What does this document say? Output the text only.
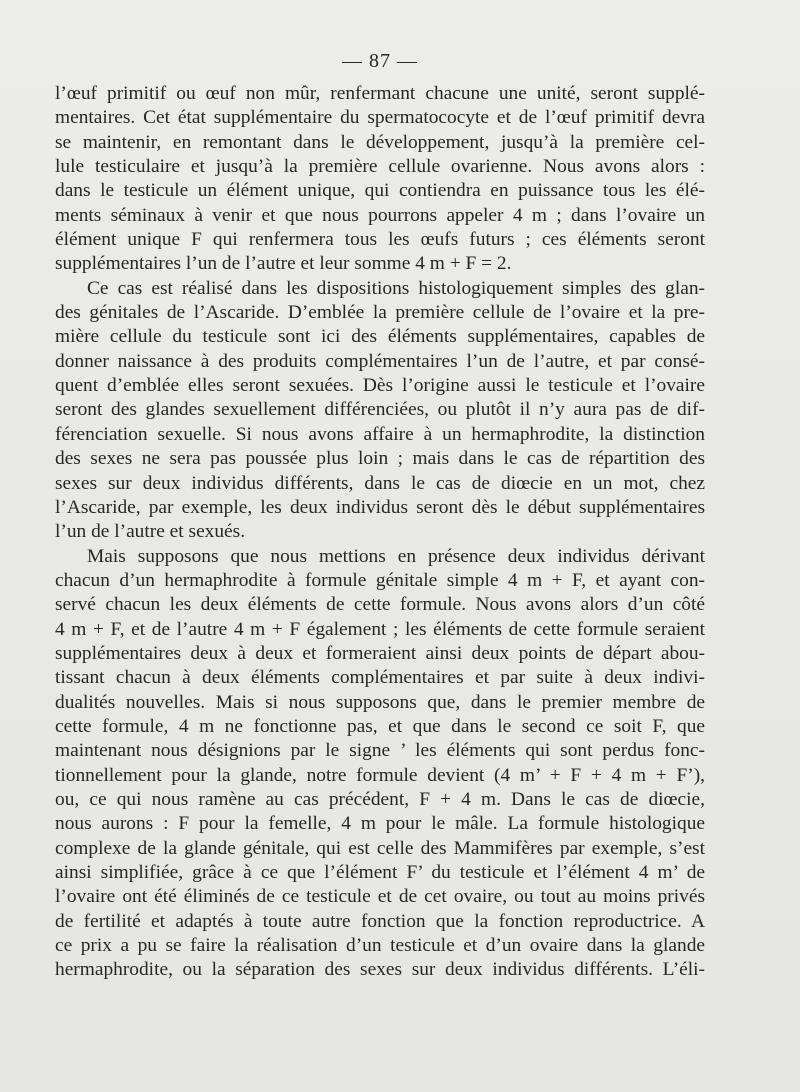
— 87 —
l’œuf primitif ou œuf non mûr, renfermant chacune une unité, seront supplé-
mentaires. Cet état supplémentaire du spermatococyte et de l’œuf primitif devra
se maintenir, en remontant dans le développement, jusqu’à la première cel-
lule testiculaire et jusqu’à la première cellule ovarienne. Nous avons alors :
dans le testicule un élément unique, qui contiendra en puissance tous les élé-
ments séminaux à venir et que nous pourrons appeler 4 m ; dans l’ovaire un
élément unique F qui renfermera tous les œufs futurs ; ces éléments seront
supplémentaires l’un de l’autre et leur somme 4 m + F = 2.
Ce cas est réalisé dans les dispositions histologiquement simples des glan-
des génitales de l’Ascaride. D’emblée la première cellule de l’ovaire et la pre-
mière cellule du testicule sont ici des éléments supplémentaires, capables de
donner naissance à des produits complémentaires l’un de l’autre, et par consé-
quent d’emblée elles seront sexuées. Dès l’origine aussi le testicule et l’ovaire
seront des glandes sexuellement différenciées, ou plutôt il n’y aura pas de dif-
férenciation sexuelle. Si nous avons affaire à un hermaphrodite, la distinction
des sexes ne sera pas poussée plus loin ; mais dans le cas de répartition des
sexes sur deux individus différents, dans le cas de diœcie en un mot, chez
l’Ascaride, par exemple, les deux individus seront dès le début supplémentaires
l’un de l’autre et sexués.
Mais supposons que nous mettions en présence deux individus dérivant
chacun d’un hermaphrodite à formule génitale simple 4 m + F, et ayant con-
servé chacun les deux éléments de cette formule. Nous avons alors d’un côté
4 m + F, et de l’autre 4 m + F également ; les éléments de cette formule seraient
supplémentaires deux à deux et formeraient ainsi deux points de départ abou-
tissant chacun à deux éléments complémentaires et par suite à deux indivi-
dualités nouvelles. Mais si nous supposons que, dans le premier membre de
cette formule, 4 m ne fonctionne pas, et que dans le second ce soit F, que
maintenant nous désignions par le signe ’ les éléments qui sont perdus fonc-
tionnellement pour la glande, notre formule devient (4 m’ + F + 4 m + F’),
ou, ce qui nous ramène au cas précédent, F + 4 m. Dans le cas de diœcie,
nous aurons : F pour la femelle, 4 m pour le mâle. La formule histologique
complexe de la glande génitale, qui est celle des Mammifères par exemple, s’est
ainsi simplifiée, grâce à ce que l’élément F’ du testicule et l’élément 4 m’ de
l’ovaire ont été éliminés de ce testicule et de cet ovaire, ou tout au moins privés
de fertilité et adaptés à toute autre fonction que la fonction reproductrice. A
ce prix a pu se faire la réalisation d’un testicule et d’un ovaire dans la glande
hermaphrodite, ou la séparation des sexes sur deux individus différents. L’éli-
